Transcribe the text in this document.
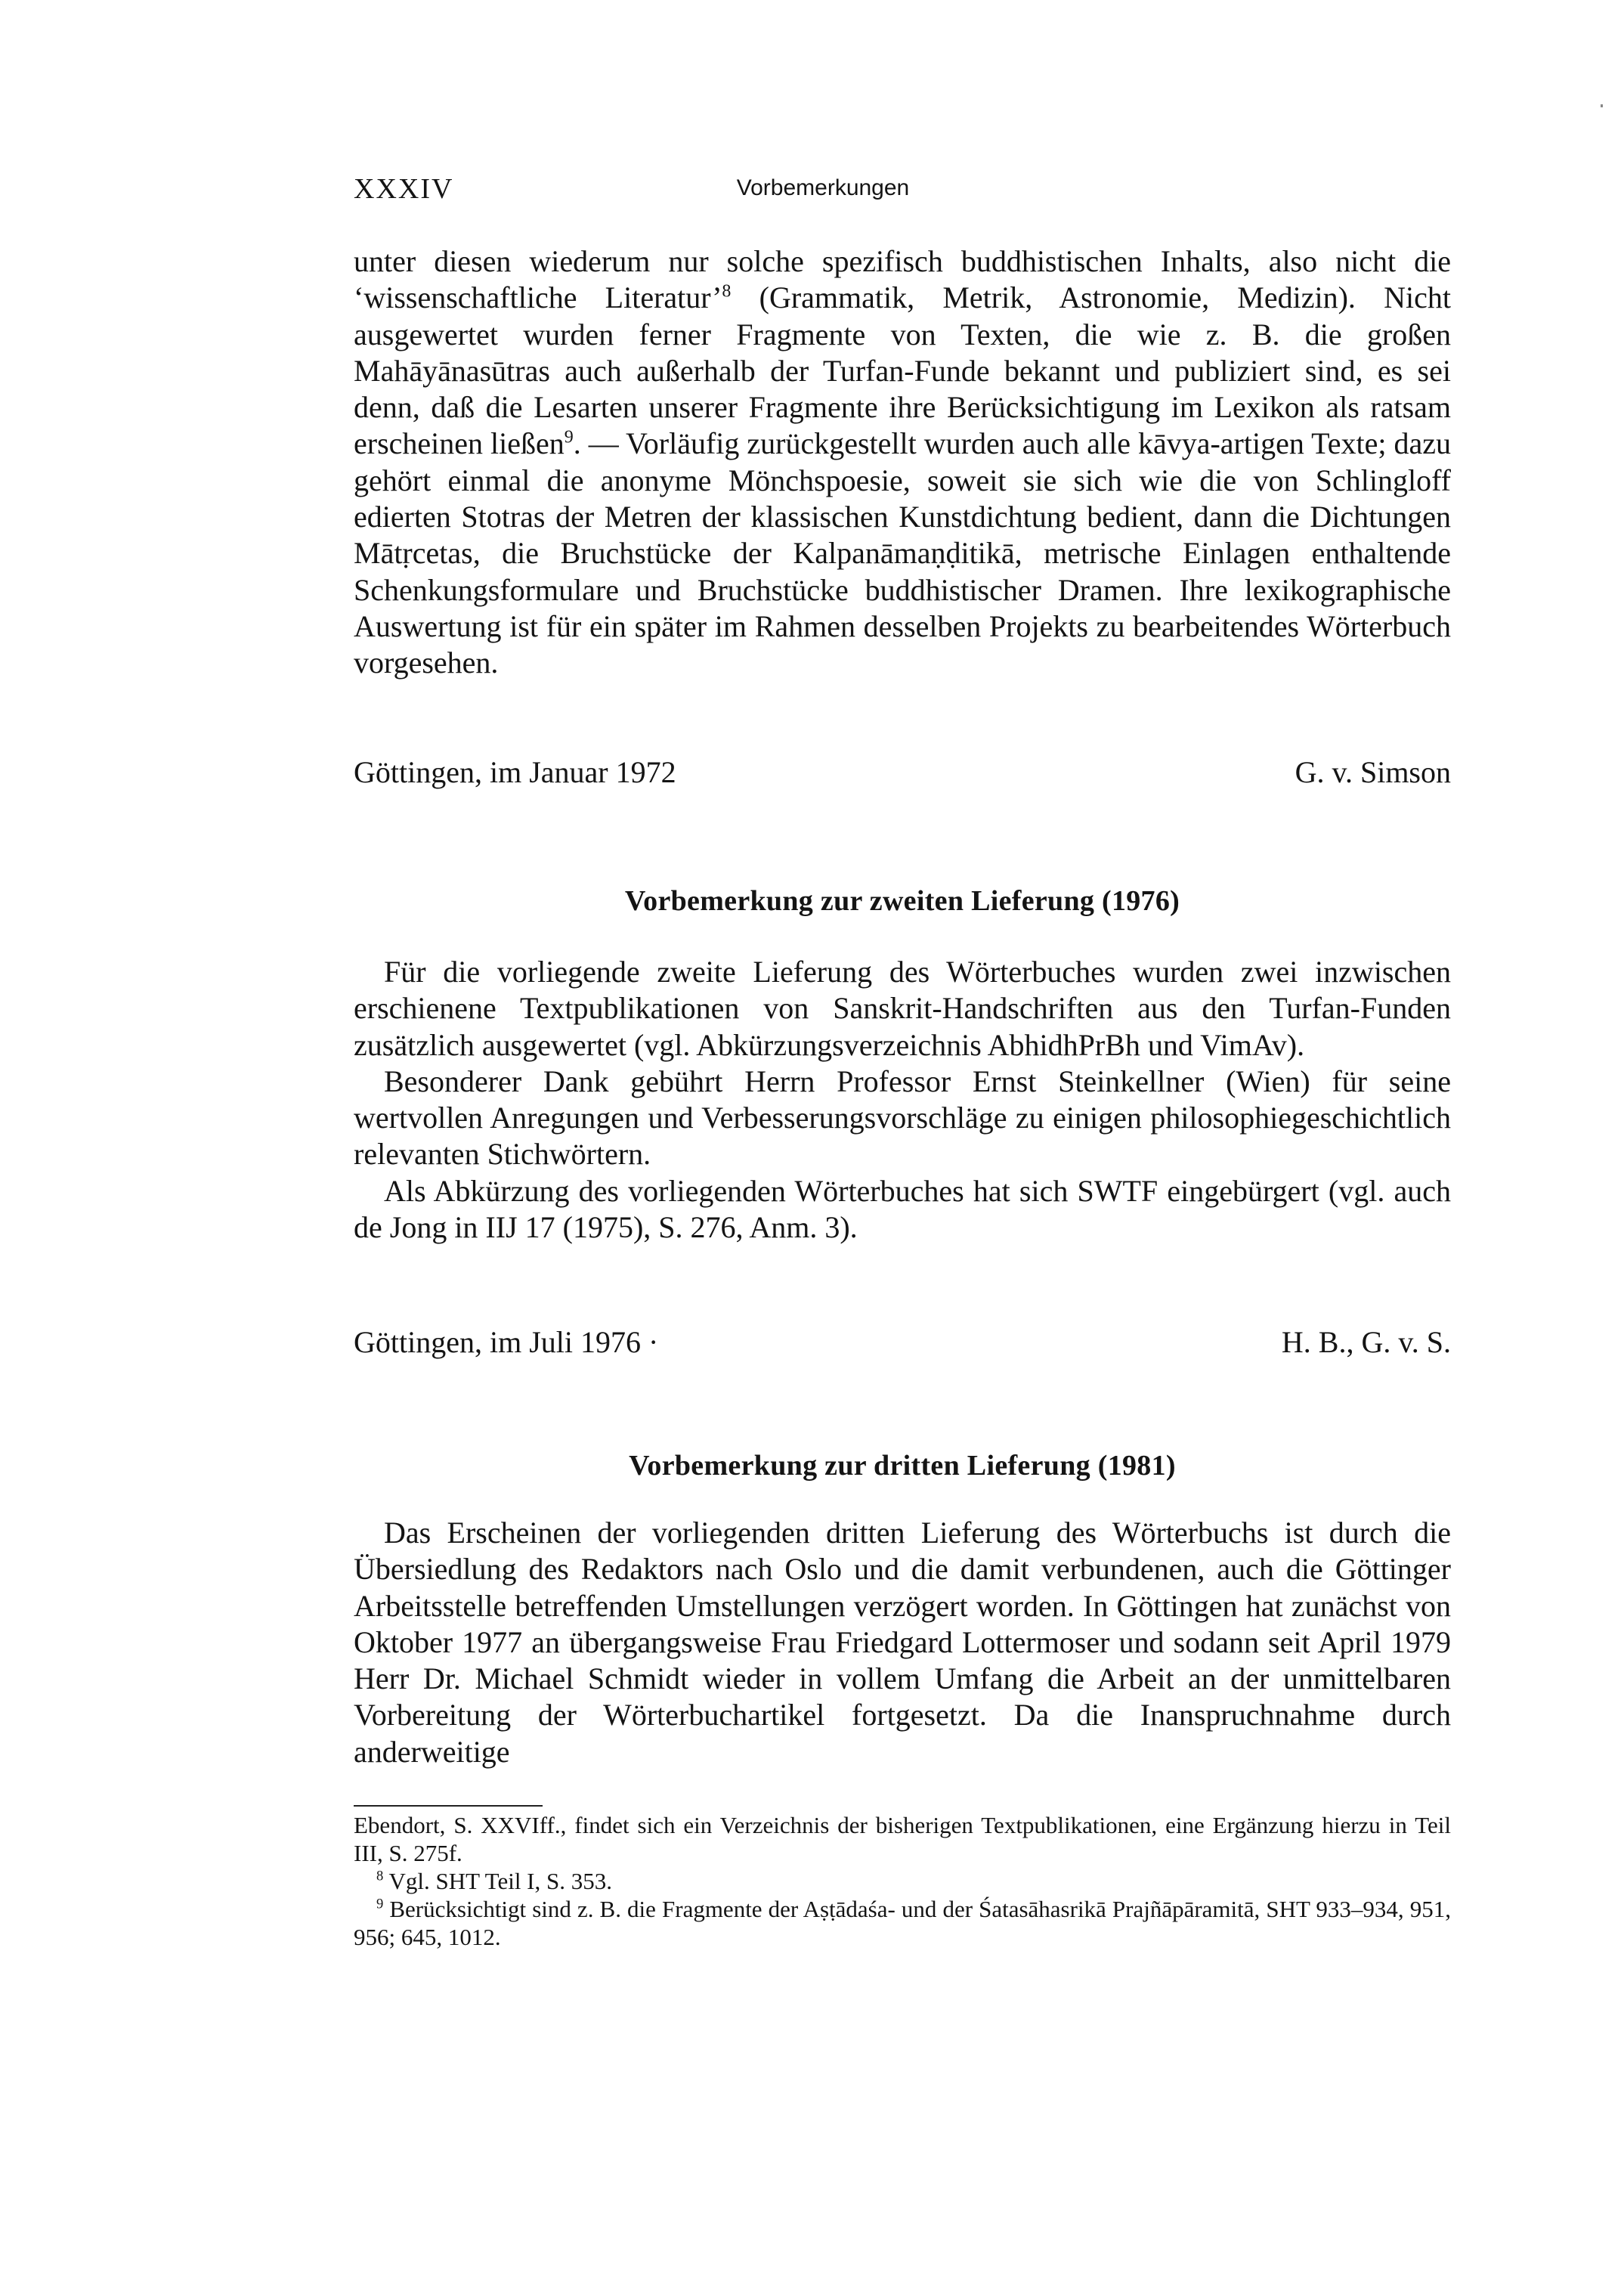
XXXIV	Vorbemerkungen

unter diesen wiederum nur solche spezifisch buddhistischen Inhalts, also nicht die ‘wissenschaftliche Literatur’$^8$ (Grammatik, Metrik, Astronomie, Medizin). Nicht ausgewertet wurden ferner Fragmente von Texten, die wie z. B. die großen Mahāyānasūtras auch außerhalb der Turfan-Funde bekannt und publiziert sind, es sei denn, daß die Lesarten unserer Fragmente ihre Berücksichtigung im Lexikon als ratsam erscheinen ließen$^9$. — Vorläufig zurückgestellt wurden auch alle kāvya-artigen Texte; dazu gehört einmal die anonyme Mönchspoesie, soweit sie sich wie die von Schlingloff edierten Stotras der Metren der klassischen Kunstdichtung bedient, dann die Dichtungen Mātṛcetas, die Bruchstücke der Kalpanāmaṇḍitikā, metrische Einlagen enthaltende Schenkungsformulare und Bruchstücke buddhistischer Dramen. Ihre lexikographische Auswertung ist für ein später im Rahmen desselben Projekts zu bearbeitendes Wörterbuch vorgesehen.

Göttingen, im Januar 1972	G. v. Simson
Vorbemerkung zur zweiten Lieferung (1976)

Für die vorliegende zweite Lieferung des Wörterbuches wurden zwei inzwischen erschienene Textpublikationen von Sanskrit-Handschriften aus den Turfan-Funden zusätzlich ausgewertet (vgl. Abkürzungsverzeichnis AbhidhPrBh und VimAv).

Besonderer Dank gebührt Herrn Professor Ernst Steinkellner (Wien) für seine wertvollen Anregungen und Verbesserungsvorschläge zu einigen philosophiegeschichtlich relevanten Stichwörtern.

Als Abkürzung des vorliegenden Wörterbuches hat sich SWTF eingebürgert (vgl. auch de Jong in IIJ 17 (1975), S. 276, Anm. 3).

Göttingen, im Juli 1976 ·	H. B., G. v. S.
Vorbemerkung zur dritten Lieferung (1981)

Das Erscheinen der vorliegenden dritten Lieferung des Wörterbuchs ist durch die Übersiedlung des Redaktors nach Oslo und die damit verbundenen, auch die Göttinger Arbeitsstelle betreffenden Umstellungen verzögert worden. In Göttingen hat zunächst von Oktober 1977 an übergangsweise Frau Friedgard Lottermoser und sodann seit April 1979 Herr Dr. Michael Schmidt wieder in vollem Umfang die Arbeit an der unmittelbaren Vorbereitung der Wörterbuchartikel fortgesetzt. Da die Inanspruchnahme durch anderweitige

Ebendort, S. XXVIff., findet sich ein Verzeichnis der bisherigen Textpublikationen, eine Ergänzung hierzu in Teil III, S. 275f.

$^8$ Vgl. SHT Teil I, S. 353.

$^9$ Berücksichtigt sind z. B. die Fragmente der Aṣṭādaśa- und der Śatasāhasrikā Prajñāpāramitā, SHT 933–934, 951, 956; 645, 1012.
